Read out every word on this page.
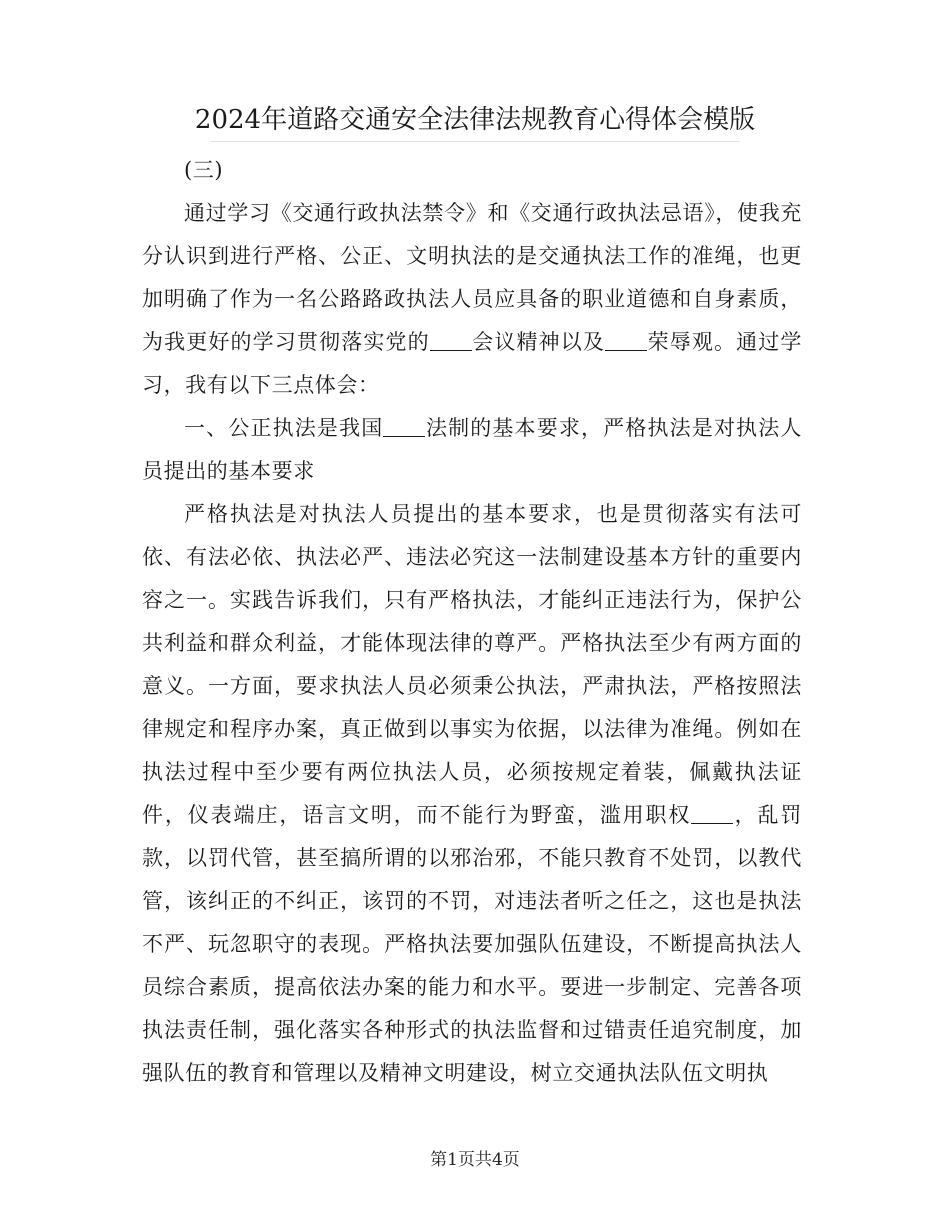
2024年道路交通安全法律法规教育心得体会模版

(三)

通过学习《交通行政执法禁令》和《交通行政执法忌语》，使我充分认识到进行严格、公正、文明执法的是交通执法工作的准绳，也更加明确了作为一名公路路政执法人员应具备的职业道德和自身素质，为我更好的学习贯彻落实党的 会议精神以及 荣辱观。通过学习，我有以下三点体会：

一、公正执法是我国 法制的基本要求，严格执法是对执法人员提出的基本要求

严格执法是对执法人员提出的基本要求，也是贯彻落实有法可依、有法必依、执法必严、违法必究这一法制建设基本方针的重要内容之一。实践告诉我们，只有严格执法，才能纠正违法行为，保护公共利益和群众利益，才能体现法律的尊严。严格执法至少有两方面的意义。一方面，要求执法人员必须秉公执法，严肃执法，严格按照法律规定和程序办案，真正做到以事实为依据，以法律为准绳。例如在执法过程中至少要有两位执法人员，必须按规定着装，佩戴执法证件，仪表端庄，语言文明，而不能行为野蛮，滥用职权 ，乱罚款，以罚代管，甚至搞所谓的以邪治邪，不能只教育不处罚，以教代管，该纠正的不纠正，该罚的不罚，对违法者听之任之，这也是执法不严、玩忽职守的表现。严格执法要加强队伍建设，不断提高执法人员综合素质，提高依法办案的能力和水平。要进一步制定、完善各项执法责任制，强化落实各种形式的执法监督和过错责任追究制度，加强队伍的教育和管理以及精神文明建设，树立交通执法队伍文明执

第1页共4页
